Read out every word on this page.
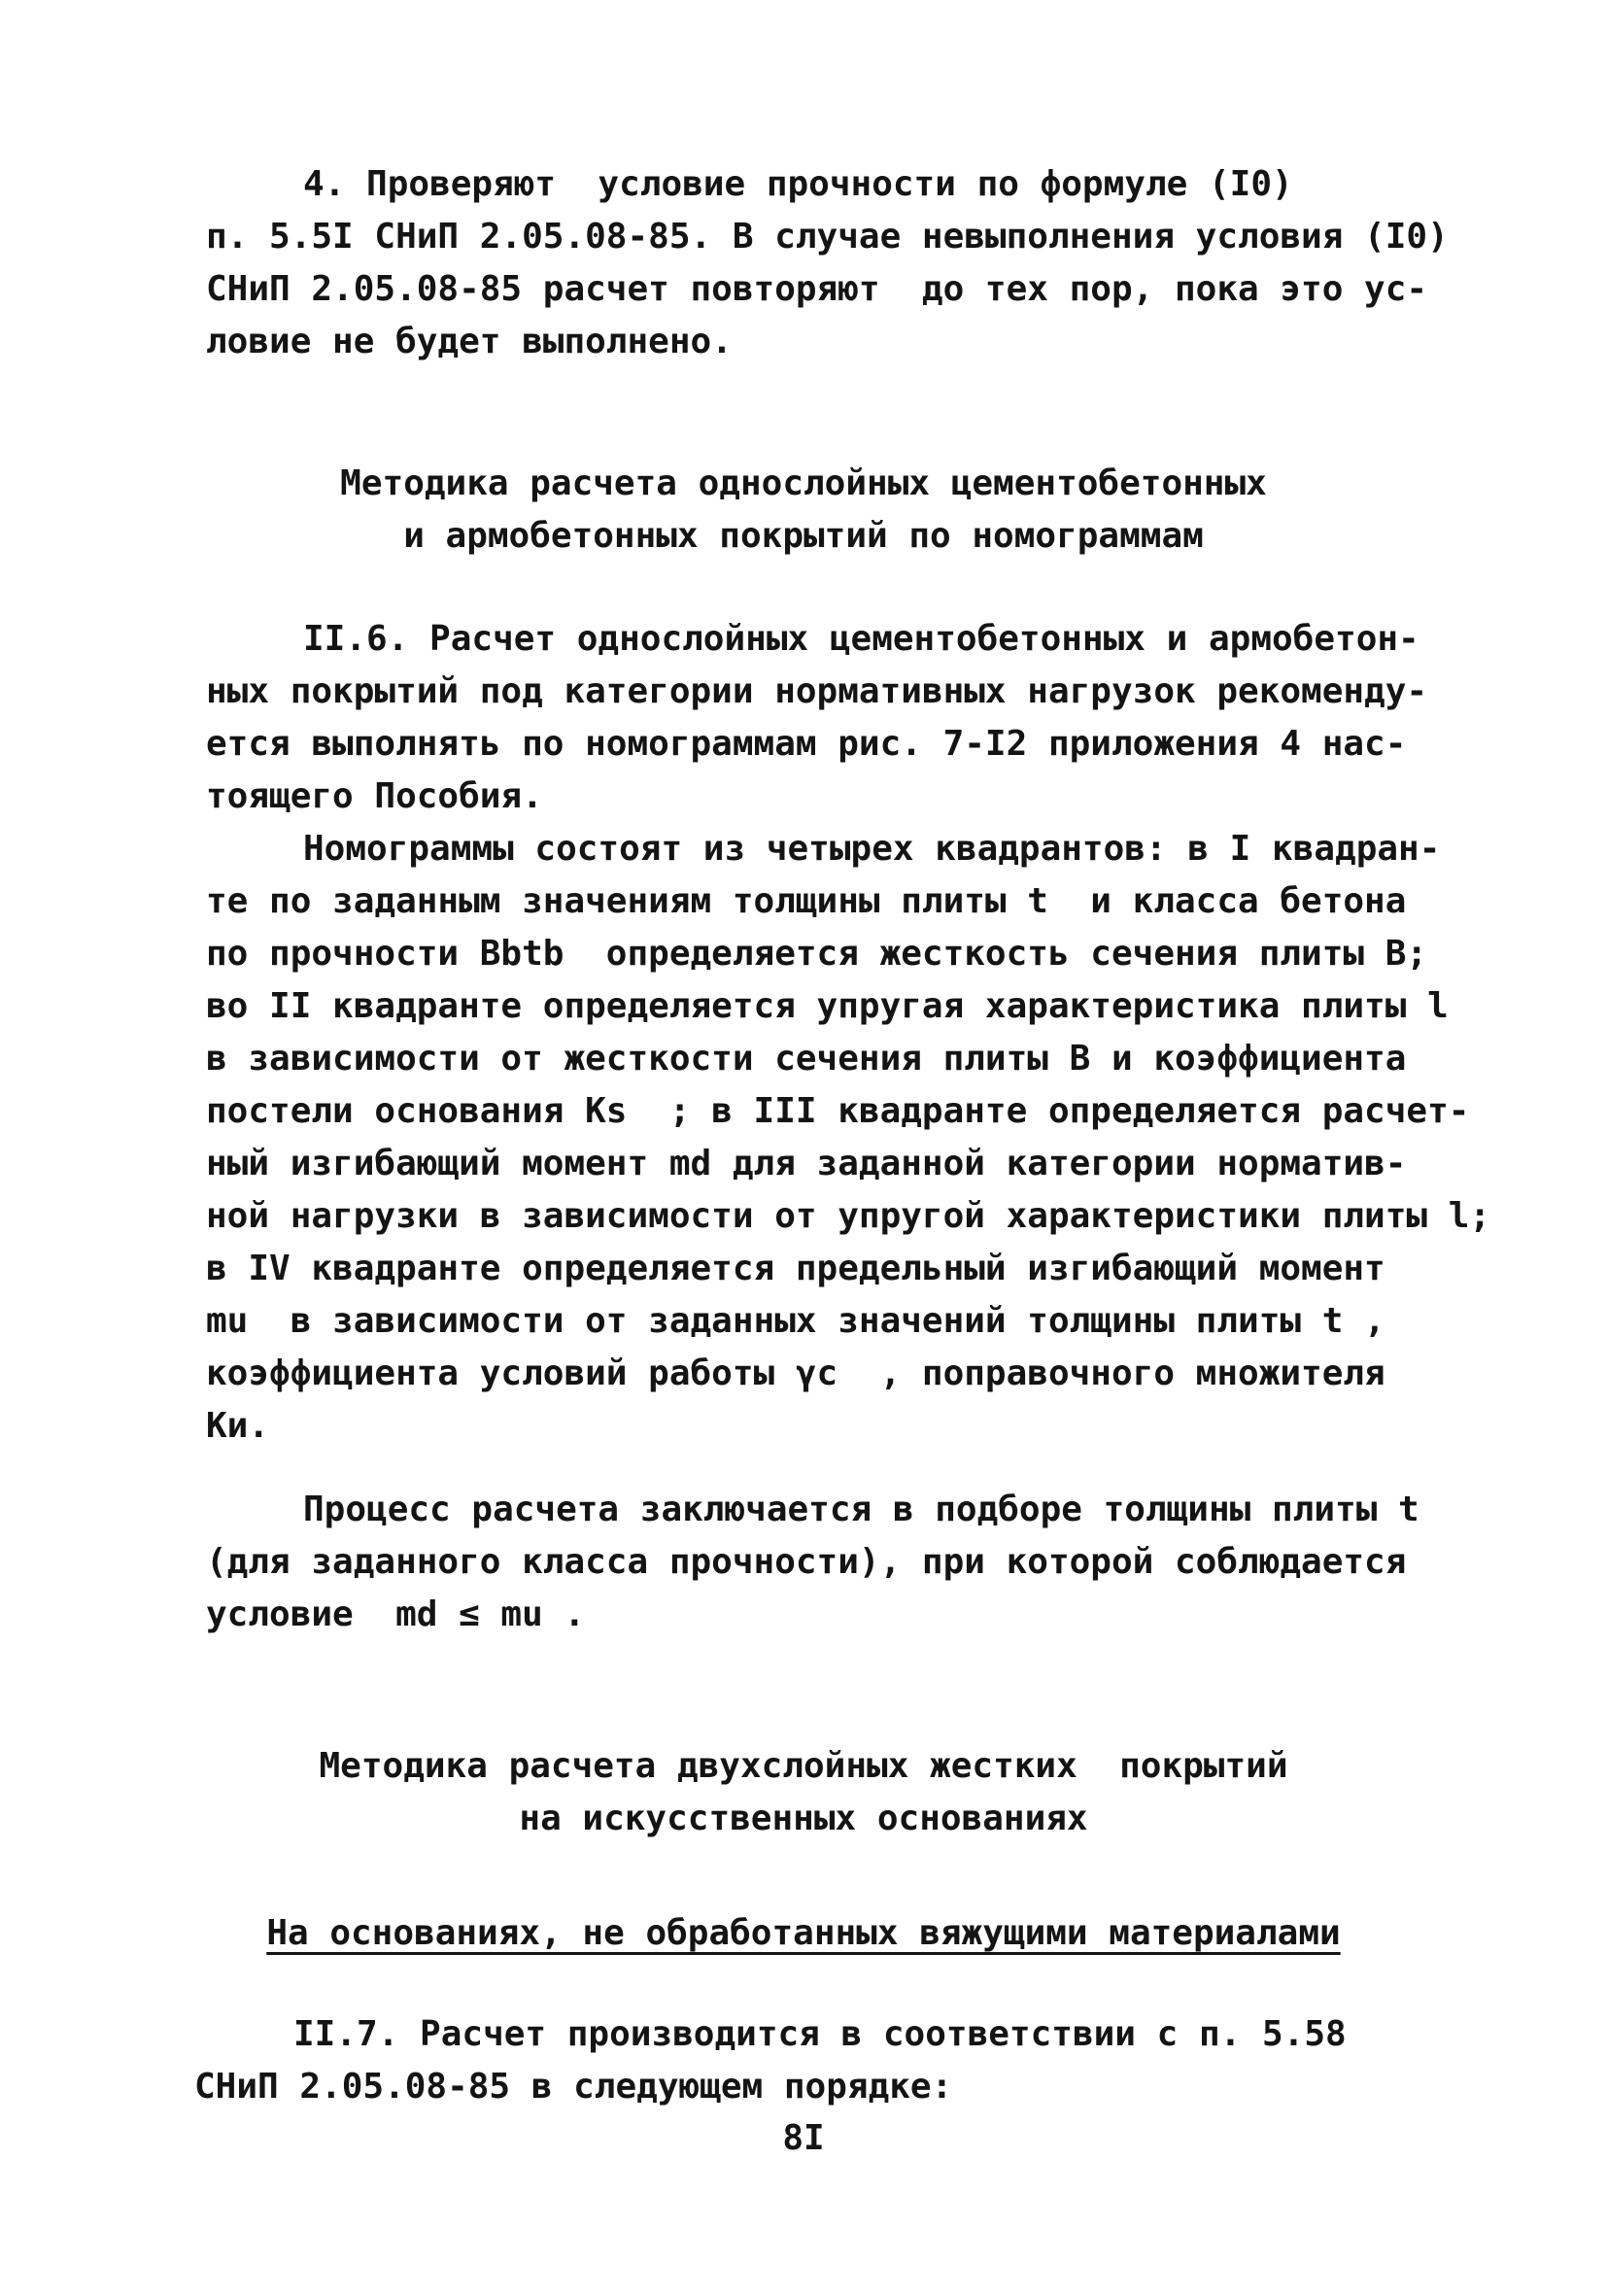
4. Проверяют  условие прочности по формуле (I0)
п. 5.5I СНиП 2.05.08-85. В случае невыполнения условия (I0)
СНиП 2.05.08-85 расчет повторяют  до тех пор, пока это ус-
ловие не будет выполнено.
Методика расчета однослойных цементобетонных
и армобетонных покрытий по номограммам
II.6. Расчет однослойных цементобетонных и армобетон-
ных покрытий под категории нормативных нагрузок рекоменду-
ется выполнять по номограммам рис. 7-I2 приложения 4 нас-
тоящего Пособия.
Номограммы состоят из четырех квадрантов: в I квадран-
те по заданным значениям толщины плиты t  и класса бетона
по прочности Bbtb  определяется жесткость сечения плиты B;
во II квадранте определяется упругая характеристика плиты l
в зависимости от жесткости сечения плиты B и коэффициента
постели основания Ks  ; в III квадранте определяется расчет-
ный изгибающий момент md для заданной категории норматив-
ной нагрузки в зависимости от упругой характеристики плиты l;
в IV квадранте определяется предельный изгибающий момент
mu  в зависимости от заданных значений толщины плиты t ,
коэффициента условий работы γc  , поправочного множителя
Kи.
Процесс расчета заключается в подборе толщины плиты t
(для заданного класса прочности), при которой соблюдается
условие  md ≤ mu .
Методика расчета двухслойных жестких  покрытий
на искусственных основаниях
На основаниях, не обработанных вяжущими материалами
II.7. Расчет производится в соответствии с п. 5.58
СНиП 2.05.08-85 в следующем порядке:
8I
